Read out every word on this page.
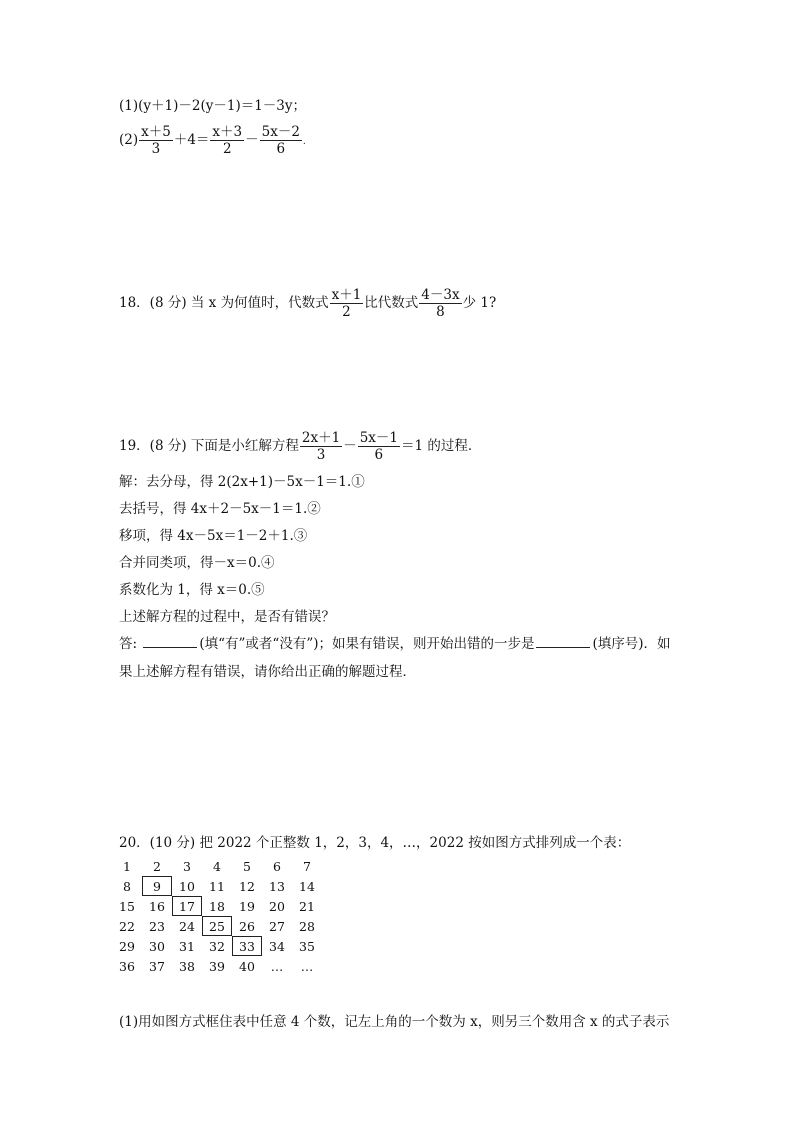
(1)(y＋1)－2(y－1)＝1－3y；
$(2) \frac{x+5}{3} +4= \frac{x+3}{2} - \frac{5x-2}{6}$ .
18．(8 分) 当 x 为何值时，代数式 $\frac{x+1}{2}$ 比代数式 $\frac{4-3x}{8}$ 少 1?
19．(8 分) 下面是小红解方程 $\frac{2x+1}{3} - \frac{5x-1}{6} =1$ 的过程．
解：去分母，得 2(2x+1)－5x－1＝1.①
去括号，得 4x＋2－5x－1＝1.②
移项，得 4x－5x＝1－2＋1.③
合并同类项，得－x＝0.④
系数化为 1，得 x＝0.⑤
上述解方程的过程中，是否有错误？
答:	(填“有”或者“没有”)；如果有错误，则开始出错的一步是	(填序号)．如
果上述解方程有错误，请你给出正确的解题过程．
20．(10 分) 把 2022 个正整数 1，2，3，4，…，2022 按如图方式排列成一个表：
1	2	3	4	5	6	7
8	9	10	11	12	13	14
15	16	17	18	19	20	21
22	23	24	25	26	27	28
29	30	31	32	33	34	35
36	37	38	39	40	…	…
(1)用如图方式框住表中任意 4 个数，记左上角的一个数为 x，则另三个数用含 x 的式子表示
